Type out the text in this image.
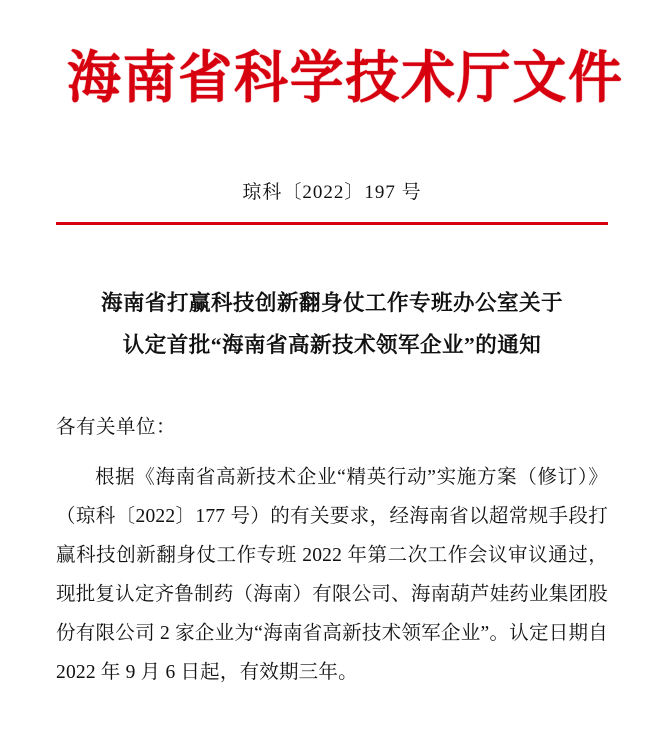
海南省科学技术厅文件
琼科〔2022〕197 号
海南省打赢科技创新翻身仗工作专班办公室关于
认定首批“海南省高新技术领军企业”的通知
各有关单位：

根据《海南省高新技术企业“精英行动”实施方案（修订）》（琼科〔2022〕177 号）的有关要求，经海南省以超常规手段打赢科技创新翻身仗工作专班 2022 年第二次工作会议审议通过，现批复认定齐鲁制药（海南）有限公司、海南葫芦娃药业集团股份有限公司 2 家企业为“海南省高新技术领军企业”。认定日期自 2022 年 9 月 6 日起，有效期三年。
